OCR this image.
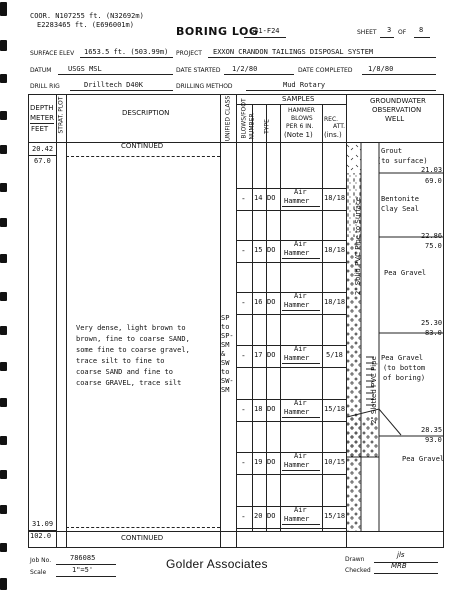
COOR. N107255 ft. (N32692m)
E2283465 ft. (E696001m)	BORING LOG
G41-F24	SHEET 3 OF 8
SURFACE ELEV 1653.5 ft. (503.99m) PROJECT EXXON CRANDON TAILINGS DISPOSAL SYSTEM
DATUM USGS MSL	DATE STARTED 1/2/80	DATE COMPLETED 1/8/80
DRILL RIG	Drilltech D40K	DRILLING METHOD	Mud Rotary
DEPTH
METER
FEET STRAT. PLOT	DESCRIPTION	UNIFIED CLASS BLOWS/FOOT	SAMPLES
NUMBER TYPE
HAMMER
BLOWS
PER 6 IN.
(Note 1)
REC.
ATT.
(ins.)
GROUNDWATER
OBSERVATION
WELL
20.42
67.0
31.09
102.0
CONTINUED
CONTINUED
Very dense, light brown to
brown, fine to coarse SAND,
some fine to coarse gravel,
trace silt to fine to
coarse SAND and fine to
coarse GRAVEL, trace silt
SP
to
SP-
SM
&
SW
to
SW-
SM
- 14 DO
Air
Hammer 18/18
- 15 DO
Air
Hammer 18/18
- 16 DO
Air
Hammer 18/18
- 17 DO
Air
Hammer 5/18
- 18 DO
Air
Hammer 15/18
- 19 DO
Air
Hammer 10/15
- 20 DO
Air
Hammer 15/18
2" Solid PVC Pipe to Surface
2" Slotted PVC Pipe
Grout
(to surface)
21.03
69.0
Bentonite
Clay Seal
22.86
75.0
Pea Gravel
25.30
83.0
Pea Gravel
(to bottom
of boring)
28.35
93.0
Pea Gravel
Job No.	786085
Scale	1"=5'	Golder Associates	Drawn
jls
Checked
MRB
